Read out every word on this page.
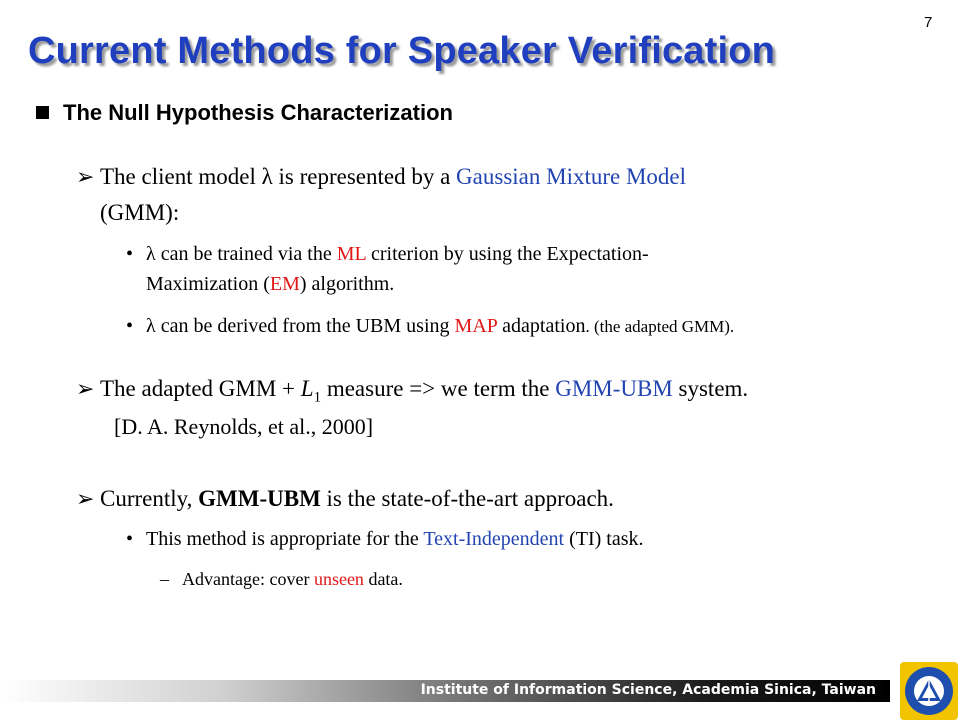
7
Current Methods for Speaker Verification
The Null Hypothesis Characterization
➢ The client model λ is represented by a Gaussian Mixture Model
(GMM):
• λ can be trained via the ML criterion by using the Expectation-
Maximization (EM) algorithm.
• λ can be derived from the UBM using MAP adaptation. (the adapted GMM).
➢ The adapted GMM + $L_1$ measure => we term the GMM-UBM system.
[D. A. Reynolds, et al., 2000]
➢ Currently, GMM-UBM is the state-of-the-art approach.
• This method is appropriate for the Text-Independent (TI) task.
– Advantage: cover unseen data.
Institute of Information Science, Academia Sinica, Taiwan
